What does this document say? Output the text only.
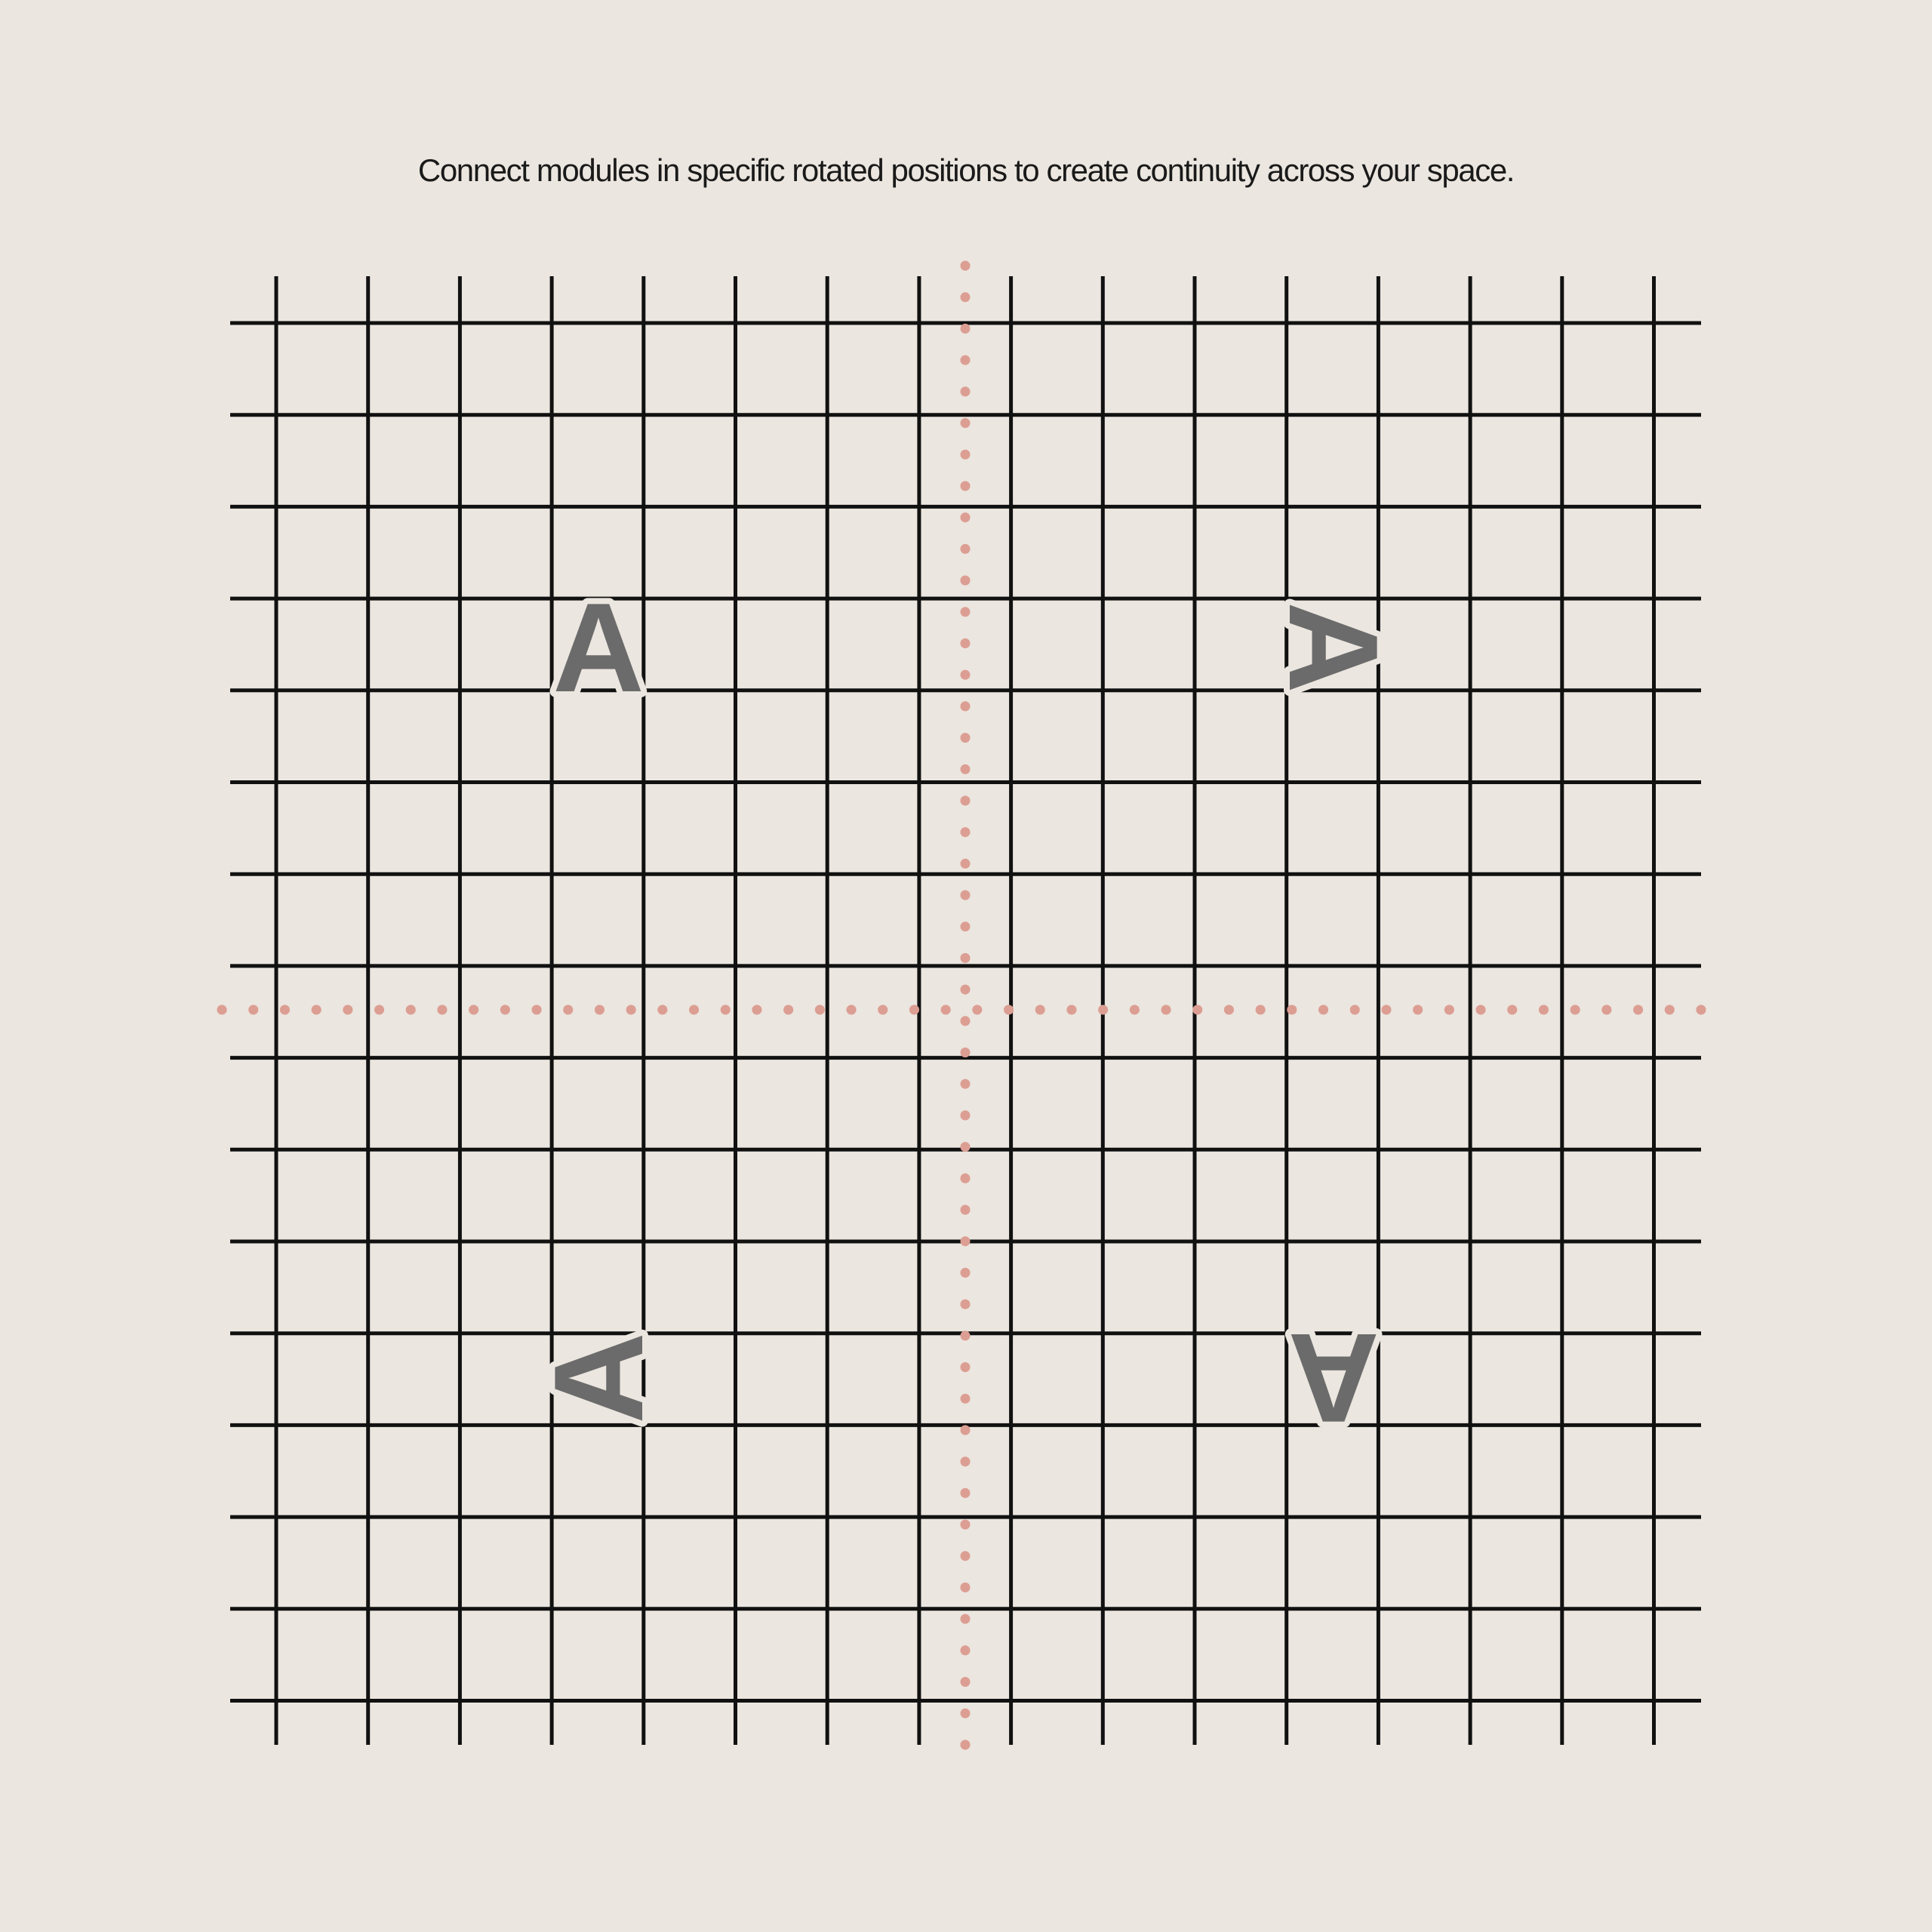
Connect modules in specific rotated positions to create continuity across your space.

A	A
A	A
